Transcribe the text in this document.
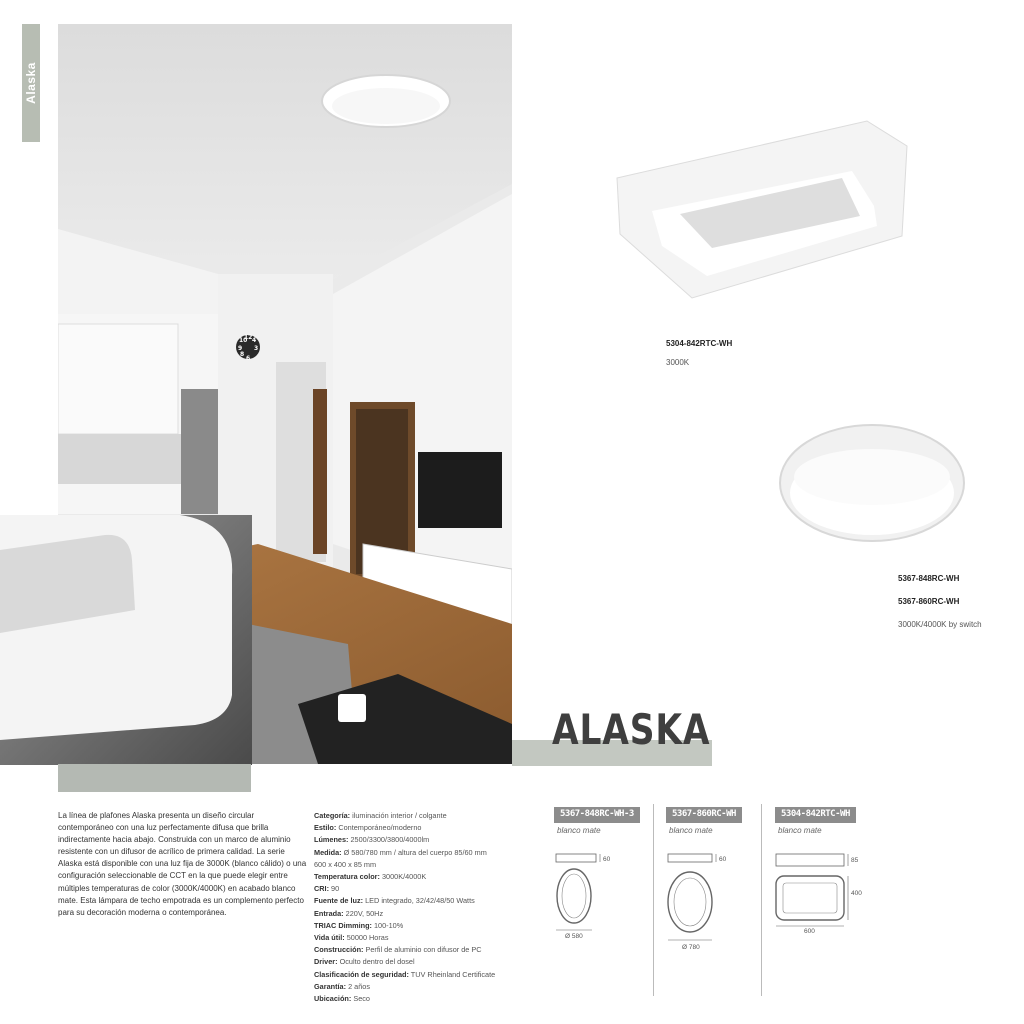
Alaska
12
3
6
9
8
4
10	5304-842RTC-WH
3000K
5367-848RC-WH
5367-860RC-WH
3000K/4000K by switch
ALASKA
La línea de plafones Alaska presenta un diseño circular contemporáneo con una luz perfectamente difusa que brilla indirectamente hacia abajo. Construida con un marco de aluminio resistente con un difusor de acrílico de primera calidad. La serie Alaska está disponible con una luz fija de 3000K (blanco cálido) o una configuración seleccionable de CCT en la que puede elegir entre múltiples temperaturas de color (3000K/4000K) en acabado blanco mate. Esta lámpara de techo empotrada es un complemento perfecto para su decoración moderna o contemporánea.
Categoría: iluminación interior / colgante
Estilo: Contemporáneo/moderno
Lúmenes: 2500/3300/3800/4000lm
Medida: Ø 580/780 mm / altura del cuerpo 85/60 mm
600 x 400 x 85 mm
Temperatura color: 3000K/4000K
CRI: 90
Fuente de luz: LED integrado, 32/42/48/50 Watts
Entrada: 220V, 50Hz
TRIAC Dimming: 100-10%
Vida útil: 50000 Horas
Construcción: Perfil de aluminio con difusor de PC
Driver: Oculto dentro del dosel
Clasificación de seguridad: TUV Rheinland Certificate
Garantía: 2 años
Ubicación: Seco
5367-848RC-WH-3
blanco mate
60
Ø 580
5367-860RC-WH
blanco mate
60
Ø 780
5304-842RTC-WH
blanco mate
85
400
600
